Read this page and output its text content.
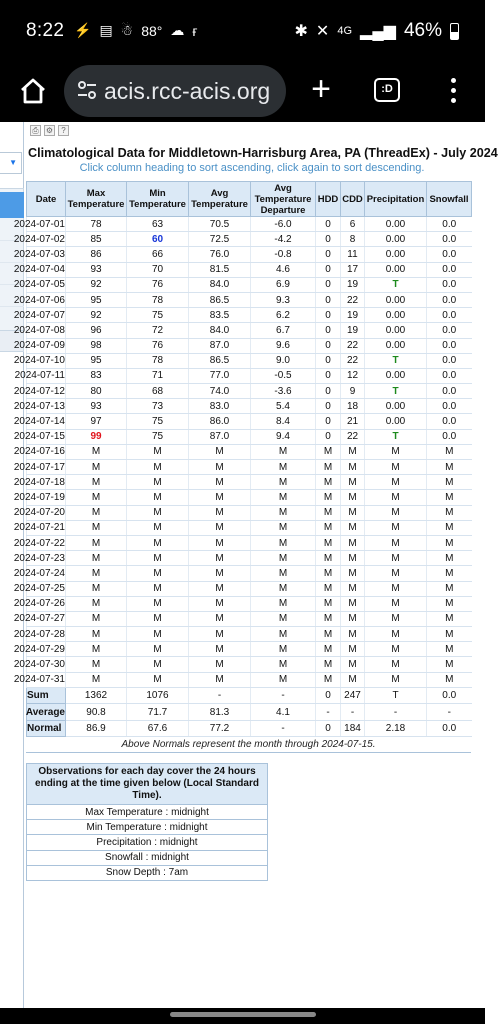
8:22 ⚡ ▤ ☃ 88° ☁ ғ	✱ ✕ 4G ▂▄▆ 46%
acis.rcc-acis.org +	:D
▼
⎙ ⚙	?
Climatological Data for Middletown-Harrisburg Area, PA (ThreadEx) - July 2024
Click column heading to sort ascending, click again to sort descending.
Date	Max Temperature	Min Temperature	Avg Temperature	Avg Temperature Departure	HDD	CDD	Precipitation	Snowfall
2024-07-01	78	63	70.5	-6.0	0	6	0.00	0.0
2024-07-02	85	60	72.5	-4.2	0	8	0.00	0.0
2024-07-03	86	66	76.0	-0.8	0	11	0.00	0.0
2024-07-04	93	70	81.5	4.6	0	17	0.00	0.0
2024-07-05	92	76	84.0	6.9	0	19	T	0.0
2024-07-06	95	78	86.5	9.3	0	22	0.00	0.0
2024-07-07	92	75	83.5	6.2	0	19	0.00	0.0
2024-07-08	96	72	84.0	6.7	0	19	0.00	0.0
2024-07-09	98	76	87.0	9.6	0	22	0.00	0.0
2024-07-10	95	78	86.5	9.0	0	22	T	0.0
2024-07-11	83	71	77.0	-0.5	0	12	0.00	0.0
2024-07-12	80	68	74.0	-3.6	0	9	T	0.0
2024-07-13	93	73	83.0	5.4	0	18	0.00	0.0
2024-07-14	97	75	86.0	8.4	0	21	0.00	0.0
2024-07-15	99	75	87.0	9.4	0	22	T	0.0
2024-07-16	M	M	M	M	M	M	M	M
2024-07-17	M	M	M	M	M	M	M	M
2024-07-18	M	M	M	M	M	M	M	M
2024-07-19	M	M	M	M	M	M	M	M
2024-07-20	M	M	M	M	M	M	M	M
2024-07-21	M	M	M	M	M	M	M	M
2024-07-22	M	M	M	M	M	M	M	M
2024-07-23	M	M	M	M	M	M	M	M
2024-07-24	M	M	M	M	M	M	M	M
2024-07-25	M	M	M	M	M	M	M	M
2024-07-26	M	M	M	M	M	M	M	M
2024-07-27	M	M	M	M	M	M	M	M
2024-07-28	M	M	M	M	M	M	M	M
2024-07-29	M	M	M	M	M	M	M	M
2024-07-30	M	M	M	M	M	M	M	M
2024-07-31	M	M	M	M	M	M	M	M
Sum	1362	1076	-	-	0	247	T	0.0
Average	90.8	71.7	81.3	4.1	-	-	-	-
Normal	86.9	67.6	77.2	-	0	184	2.18	0.0
Above Normals represent the month through 2024-07-15.
Observations for each day cover the 24 hours ending at the time given below (Local Standard Time).
Max Temperature : midnight
Min Temperature : midnight
Precipitation : midnight
Snowfall : midnight
Snow Depth : 7am
